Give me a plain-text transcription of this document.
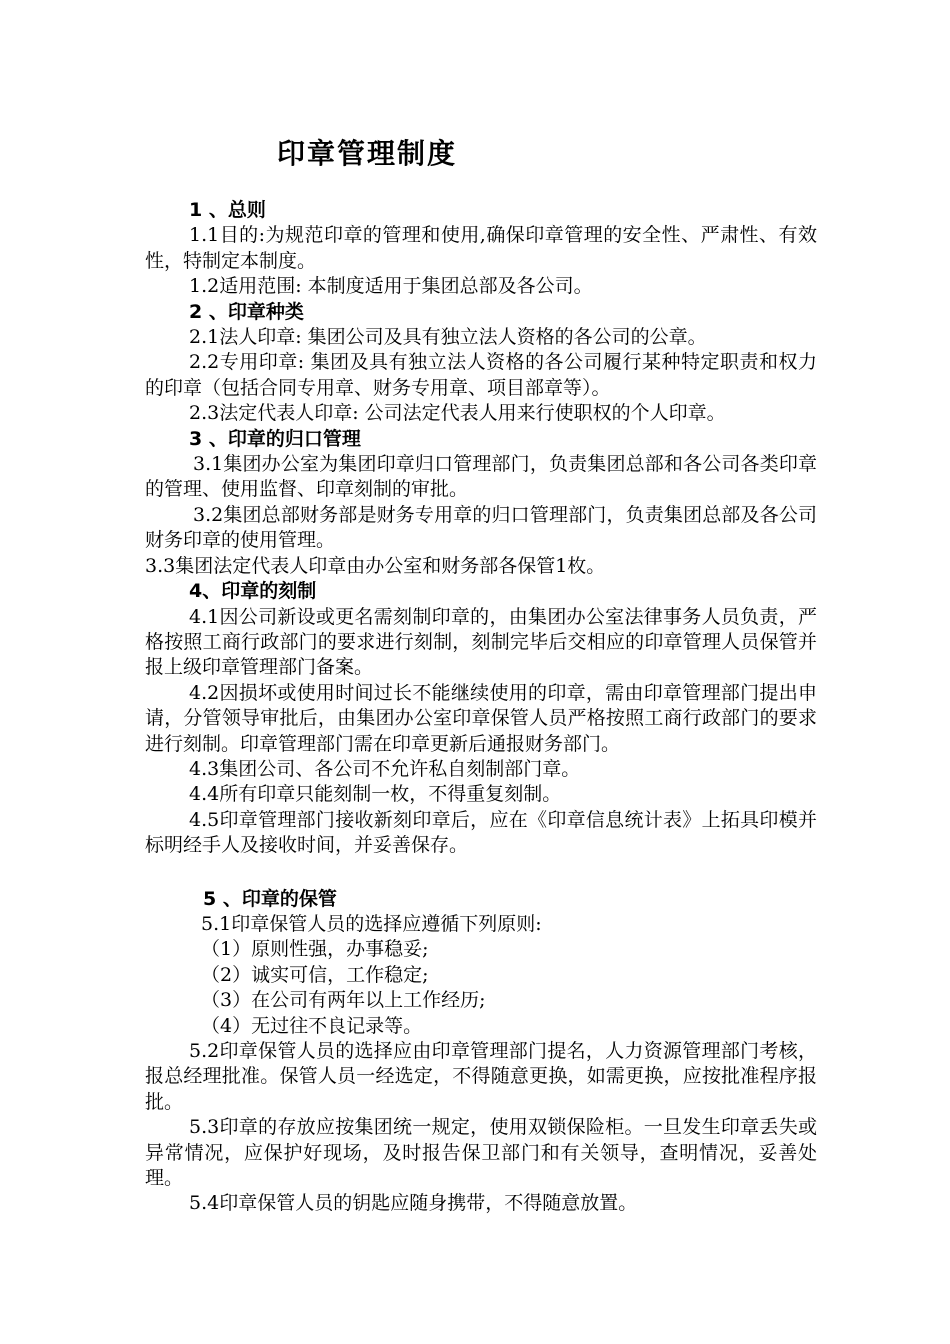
印章管理制度

1 、总则

1.1目的:为规范印章的管理和使用,确保印章管理的安全性、严肃性、有效性，特制定本制度。

1.2适用范围: 本制度适用于集团总部及各公司。

2 、印章种类

2.1法人印章: 集团公司及具有独立法人资格的各公司的公章。

2.2专用印章: 集团及具有独立法人资格的各公司履行某种特定职责和权力的印章（包括合同专用章、财务专用章、项目部章等）。

2.3法定代表人印章: 公司法定代表人用来行使职权的个人印章。

3 、印章的归口管理

3.1集团办公室为集团印章归口管理部门，负责集团总部和各公司各类印章的管理、使用监督、印章刻制的审批。

3.2集团总部财务部是财务专用章的归口管理部门，负责集团总部及各公司财务印章的使用管理。

3.3集团法定代表人印章由办公室和财务部各保管1枚。

4、印章的刻制

4.1因公司新设或更名需刻制印章的，由集团办公室法律事务人员负责，严格按照工商行政部门的要求进行刻制，刻制完毕后交相应的印章管理人员保管并报上级印章管理部门备案。

4.2因损坏或使用时间过长不能继续使用的印章，需由印章管理部门提出申请，分管领导审批后，由集团办公室印章保管人员严格按照工商行政部门的要求进行刻制。印章管理部门需在印章更新后通报财务部门。

4.3集团公司、各公司不允许私自刻制部门章。

4.4所有印章只能刻制一枚，不得重复刻制。

4.5印章管理部门接收新刻印章后，应在《印章信息统计表》上拓具印模并标明经手人及接收时间，并妥善保存。

5 、印章的保管

5.1印章保管人员的选择应遵循下列原则:

（1）原则性强，办事稳妥;

（2）诚实可信，工作稳定;

（3）在公司有两年以上工作经历;

（4）无过往不良记录等。

5.2印章保管人员的选择应由印章管理部门提名，人力资源管理部门考核，报总经理批准。保管人员一经选定，不得随意更换，如需更换，应按批准程序报批。

5.3印章的存放应按集团统一规定，使用双锁保险柜。一旦发生印章丢失或异常情况，应保护好现场，及时报告保卫部门和有关领导，查明情况，妥善处理。

5.4印章保管人员的钥匙应随身携带，不得随意放置。
